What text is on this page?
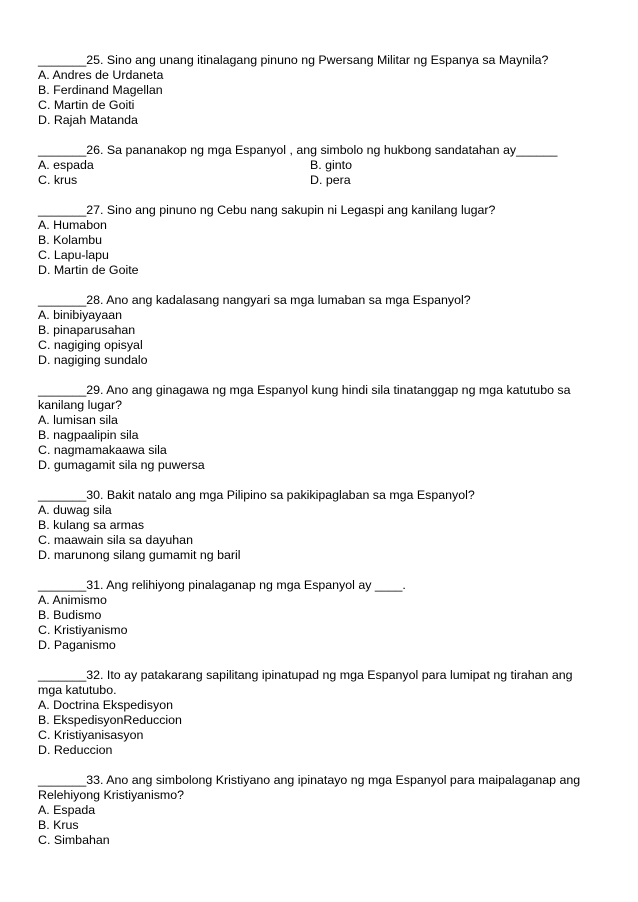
_______25. Sino ang unang itinalagang pinuno ng Pwersang Militar ng Espanya sa Maynila?
A. Andres de Urdaneta
B. Ferdinand Magellan
C. Martin de Goiti
D. Rajah Matanda
_______26. Sa pananakop ng mga Espanyol , ang simbolo ng hukbong sandatahan ay______
A. espada	B. ginto
C. krus	D. pera
_______27. Sino ang pinuno ng Cebu nang sakupin ni Legaspi ang kanilang lugar?
A. Humabon
B. Kolambu
C. Lapu-lapu
D. Martin de Goite
_______28. Ano ang kadalasang nangyari sa mga lumaban sa mga Espanyol?
A. binibiyayaan
B. pinaparusahan
C. nagiging opisyal
D. nagiging sundalo
_______29. Ano ang ginagawa ng mga Espanyol kung hindi sila tinatanggap ng mga katutubo sa kanilang lugar?
A. lumisan sila
B. nagpaalipin sila
C. nagmamakaawa sila
D. gumagamit sila ng puwersa
_______30. Bakit natalo ang mga Pilipino sa pakikipaglaban sa mga Espanyol?
A. duwag sila
B. kulang sa armas
C. maawain sila sa dayuhan
D. marunong silang gumamit ng baril
_______31. Ang relihiyong pinalaganap ng mga Espanyol ay ____.
A. Animismo
B. Budismo
C. Kristiyanismo
D. Paganismo
_______32. Ito ay patakarang sapilitang ipinatupad ng mga Espanyol para lumipat ng tirahan ang mga katutubo.
A. Doctrina Ekspedisyon
B. EkspedisyonReduccion
C. Kristiyanisasyon
D. Reduccion
_______33. Ano ang simbolong Kristiyano ang ipinatayo ng mga Espanyol para maipalaganap ang Relehiyong Kristiyanismo?
A. Espada
B. Krus
C. Simbahan
